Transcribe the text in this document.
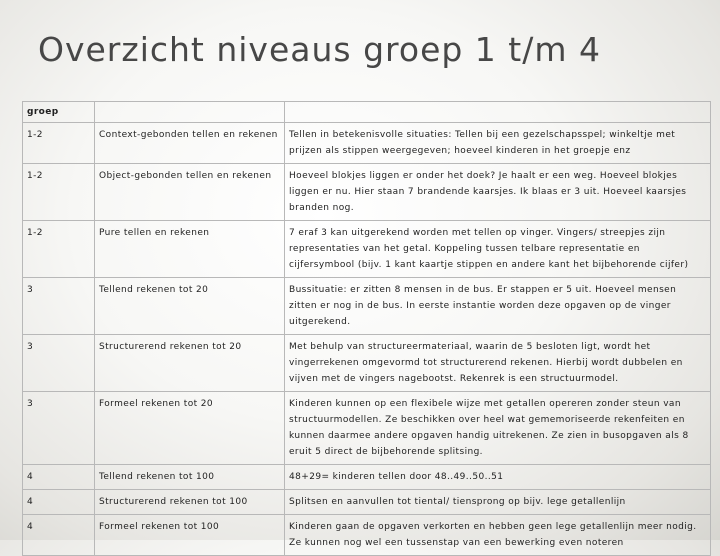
Overzicht niveaus groep 1 t/m 4
groep		
1-2	Context-gebonden tellen en rekenen	Tellen in betekenisvolle situaties: Tellen bij een gezelschapsspel; winkeltje met prijzen als stippen weergegeven; hoeveel kinderen in het groepje enz
1-2	Object-gebonden tellen en rekenen	Hoeveel blokjes liggen er onder het doek? Je haalt er een weg. Hoeveel blokjes liggen er nu. Hier staan 7 brandende kaarsjes. Ik blaas er 3 uit. Hoeveel kaarsjes branden nog.
1-2	Pure tellen en rekenen	7 eraf 3 kan uitgerekend worden met tellen op vinger. Vingers/ streepjes zijn representaties van het getal. Koppeling tussen telbare representatie en cijfersymbool (bijv. 1 kant kaartje stippen en andere kant het bijbehorende cijfer)
3	Tellend rekenen tot 20	Bussituatie: er zitten 8 mensen in de bus. Er stappen er 5 uit. Hoeveel mensen zitten er nog in de bus. In eerste instantie worden deze opgaven op de vinger uitgerekend.
3	Structurerend rekenen tot 20	Met behulp van structureermateriaal, waarin de 5 besloten ligt, wordt het vingerrekenen omgevormd tot structurerend rekenen. Hierbij wordt dubbelen en vijven met de vingers nagebootst. Rekenrek is een structuurmodel.
3	Formeel rekenen tot 20	Kinderen kunnen op een flexibele wijze met getallen opereren zonder steun van structuurmodellen. Ze beschikken over heel wat gememoriseerde rekenfeiten en kunnen daarmee andere opgaven handig uitrekenen. Ze zien in busopgaven als 8 eruit 5 direct de bijbehorende splitsing.
4	Tellend rekenen tot 100	48+29= kinderen tellen door 48..49..50..51
4	Structurerend rekenen tot 100	Splitsen en aanvullen tot tiental/ tiensprong op bijv. lege getallenlijn
4	Formeel rekenen tot 100	Kinderen gaan de opgaven verkorten en hebben geen lege getallenlijn meer nodig. Ze kunnen nog wel een tussenstap van een bewerking even noteren
